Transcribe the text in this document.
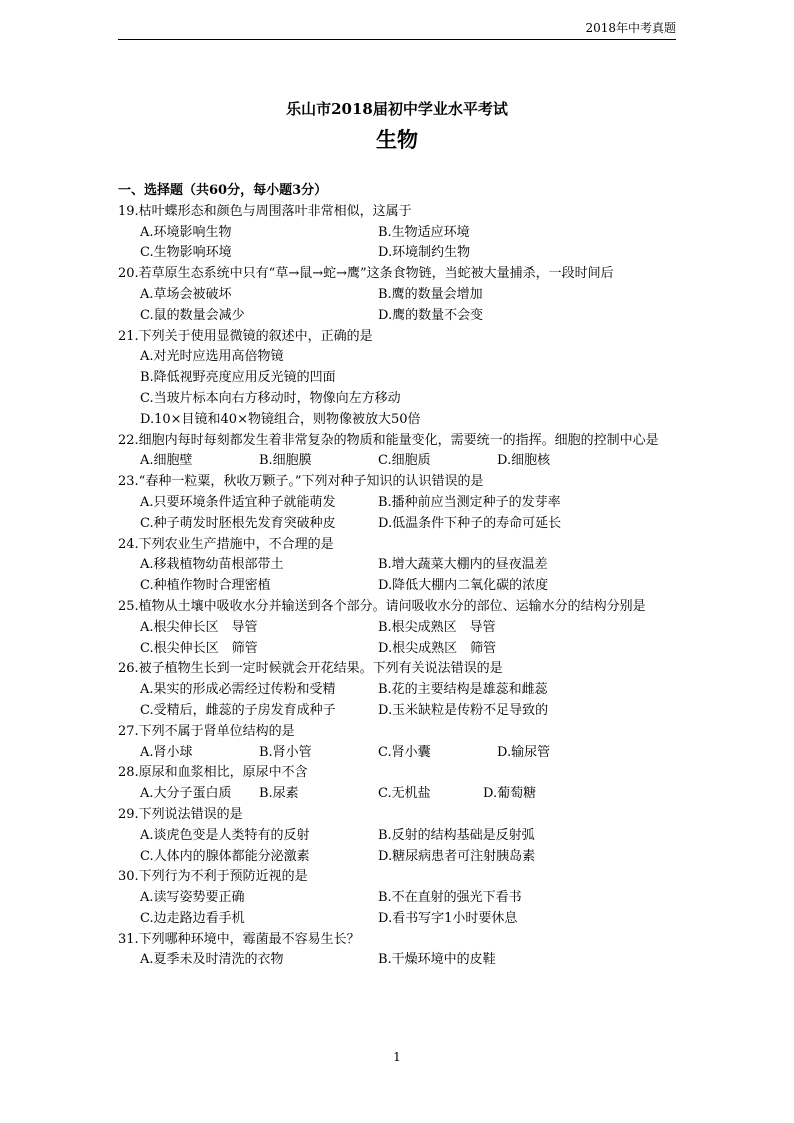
2018年中考真题
乐山市2018届初中学业水平考试
生物
一、选择题（共60分，每小题3分）
19.枯叶蝶形态和颜色与周围落叶非常相似，这属于
A.环境影响生物	B.生物适应环境
C.生物影响环境	D.环境制约生物
20.若草原生态系统中只有“草→鼠→蛇→鹰”这条食物链，当蛇被大量捕杀，一段时间后
A.草场会被破坏	B.鹰的数量会增加
C.鼠的数量会减少	D.鹰的数量不会变
21.下列关于使用显微镜的叙述中，正确的是
A.对光时应选用高倍物镜
B.降低视野亮度应用反光镜的凹面
C.当玻片标本向右方移动时，物像向左方移动
D.10×目镜和40×物镜组合，则物像被放大50倍
22.细胞内每时每刻都发生着非常复杂的物质和能量变化，需要统一的指挥。细胞的控制中心是
A.细胞壁	B.细胞膜	C.细胞质	D.细胞核
23.“春种一粒粟，秋收万颗子。”下列对种子知识的认识错误的是
A.只要环境条件适宜种子就能萌发	B.播种前应当测定种子的发芽率
C.种子萌发时胚根先发育突破种皮	D.低温条件下种子的寿命可延长
24.下列农业生产措施中，不合理的是
A.移栽植物幼苗根部带土	B.增大蔬菜大棚内的昼夜温差
C.种植作物时合理密植	D.降低大棚内二氧化碳的浓度
25.植物从土壤中吸收水分并输送到各个部分。请问吸收水分的部位、运输水分的结构分别是
A.根尖伸长区　导管	B.根尖成熟区　导管
C.根尖伸长区　筛管	D.根尖成熟区　筛管
26.被子植物生长到一定时候就会开花结果。下列有关说法错误的是
A.果实的形成必需经过传粉和受精	B.花的主要结构是雄蕊和雌蕊
C.受精后，雌蕊的子房发育成种子	D.玉米缺粒是传粉不足导致的
27.下列不属于肾单位结构的是
A.肾小球	B.肾小管	C.肾小囊	D.输尿管
28.原尿和血浆相比，原尿中不含
A.大分子蛋白质	B.尿素	C.无机盐	D.葡萄糖
29.下列说法错误的是
A.谈虎色变是人类特有的反射	B.反射的结构基础是反射弧
C.人体内的腺体都能分泌激素	D.糖尿病患者可注射胰岛素
30.下列行为不利于预防近视的是
A.读写姿势要正确	B.不在直射的强光下看书
C.边走路边看手机	D.看书写字1小时要休息
31.下列哪种环境中，霉菌最不容易生长？
A.夏季未及时清洗的衣物	B.干燥环境中的皮鞋
1
